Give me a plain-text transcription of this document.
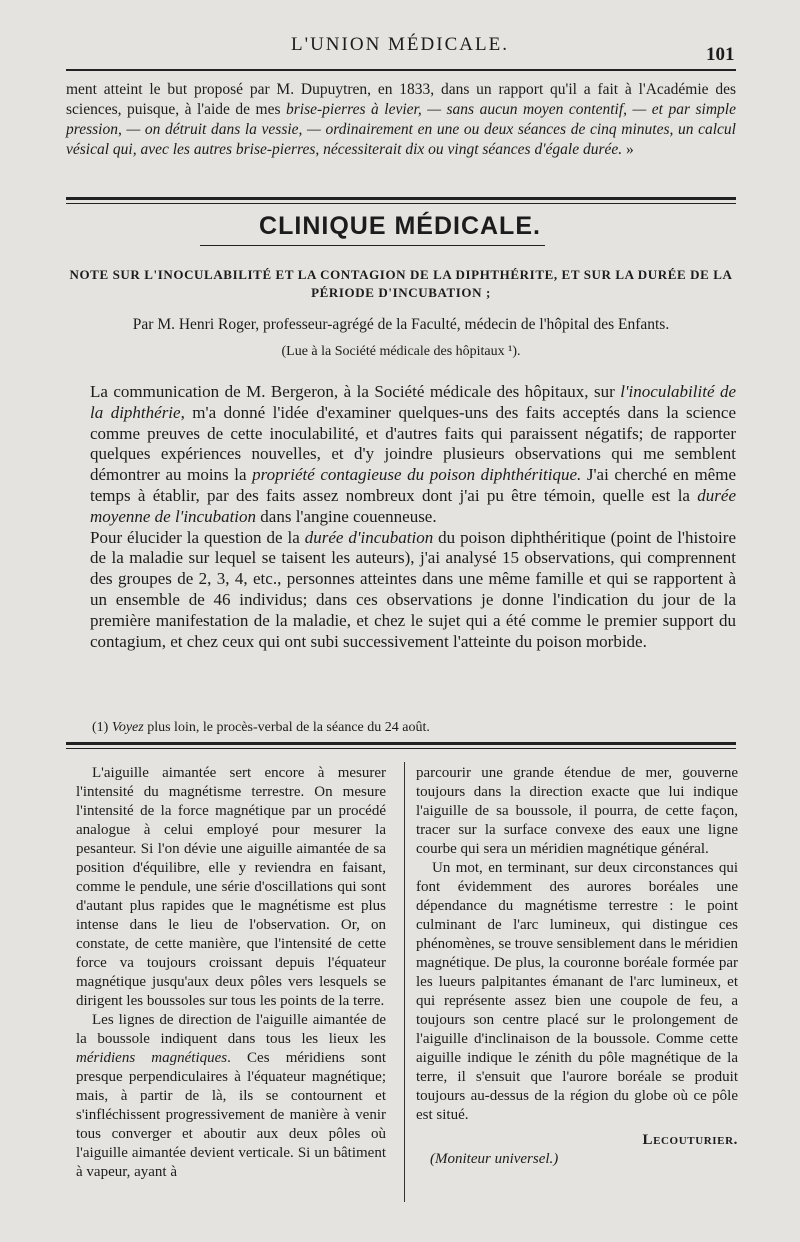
L'UNION MÉDICALE.	101
ment atteint le but proposé par M. Dupuytren, en 1833, dans un rapport qu'il a fait à l'Académie des sciences, puisque, à l'aide de mes brise-pierres à levier, — sans aucun moyen contentif, — et par simple pression, — on détruit dans la vessie, — ordinairement en une ou deux séances de cinq minutes, un calcul vésical qui, avec les autres brise-pierres, nécessiterait dix ou vingt séances d'égale durée. »
CLINIQUE MÉDICALE.
NOTE SUR L'INOCULABILITÉ ET LA CONTAGION DE LA DIPHTHÉRITE, ET SUR LA DURÉE DE LA PÉRIODE D'INCUBATION ;
Par M. Henri Roger, professeur-agrégé de la Faculté, médecin de l'hôpital des Enfants.
(Lue à la Société médicale des hôpitaux ¹).

La communication de M. Bergeron, à la Société médicale des hôpitaux, sur l'inoculabilité de la diphthérie, m'a donné l'idée d'examiner quelques-uns des faits acceptés dans la science comme preuves de cette inoculabilité, et d'autres faits qui paraissent négatifs; de rapporter quelques expériences nouvelles, et d'y joindre plusieurs observations qui me semblent démontrer au moins la propriété contagieuse du poison diphthéritique. J'ai cherché en même temps à établir, par des faits assez nombreux dont j'ai pu être témoin, quelle est la durée moyenne de l'incubation dans l'angine couenneuse.

Pour élucider la question de la durée d'incubation du poison diphthéritique (point de l'histoire de la maladie sur lequel se taisent les auteurs), j'ai analysé 15 observations, qui comprennent des groupes de 2, 3, 4, etc., personnes atteintes dans une même famille et qui se rapportent à un ensemble de 46 individus; dans ces observations je donne l'indication du jour de la première manifestation de la maladie, et chez le sujet qui a été comme le premier support du contagium, et chez ceux qui ont subi successivement l'atteinte du poison morbide.

(1) Voyez plus loin, le procès-verbal de la séance du 24 août.

L'aiguille aimantée sert encore à mesurer l'intensité du magnétisme terrestre. On mesure l'intensité de la force magnétique par un procédé analogue à celui employé pour mesurer la pesanteur. Si l'on dévie une aiguille aimantée de sa position d'équilibre, elle y reviendra en faisant, comme le pendule, une série d'oscillations qui sont d'autant plus rapides que le magnétisme est plus intense dans le lieu de l'observation. Or, on constate, de cette manière, que l'intensité de cette force va toujours croissant depuis l'équateur magnétique jusqu'aux deux pôles vers lesquels se dirigent les boussoles sur tous les points de la terre.

Les lignes de direction de l'aiguille aimantée de la boussole indiquent dans tous les lieux les méridiens magnétiques. Ces méridiens sont presque perpendiculaires à l'équateur magnétique; mais, à partir de là, ils se contournent et s'infléchissent progressivement de manière à venir tous converger et aboutir aux deux pôles où l'aiguille aimantée devient verticale. Si un bâtiment à vapeur, ayant à

parcourir une grande étendue de mer, gouverne toujours dans la direction exacte que lui indique l'aiguille de sa boussole, il pourra, de cette façon, tracer sur la surface convexe des eaux une ligne courbe qui sera un méridien magnétique général.

Un mot, en terminant, sur deux circonstances qui font évidemment des aurores boréales une dépendance du magnétisme terrestre : le point culminant de l'arc lumineux, qui distingue ces phénomènes, se trouve sensiblement dans le méridien magnétique. De plus, la couronne boréale formée par les lueurs palpitantes émanant de l'arc lumineux, et qui représente assez bien une coupole de feu, a toujours son centre placé sur le prolongement de l'aiguille d'inclinaison de la boussole. Comme cette aiguille indique le zénith du pôle magnétique de la terre, il s'ensuit que l'aurore boréale se produit toujours au-dessus de la région du globe où ce pôle est situé.

Lecouturier.

(Moniteur universel.)
